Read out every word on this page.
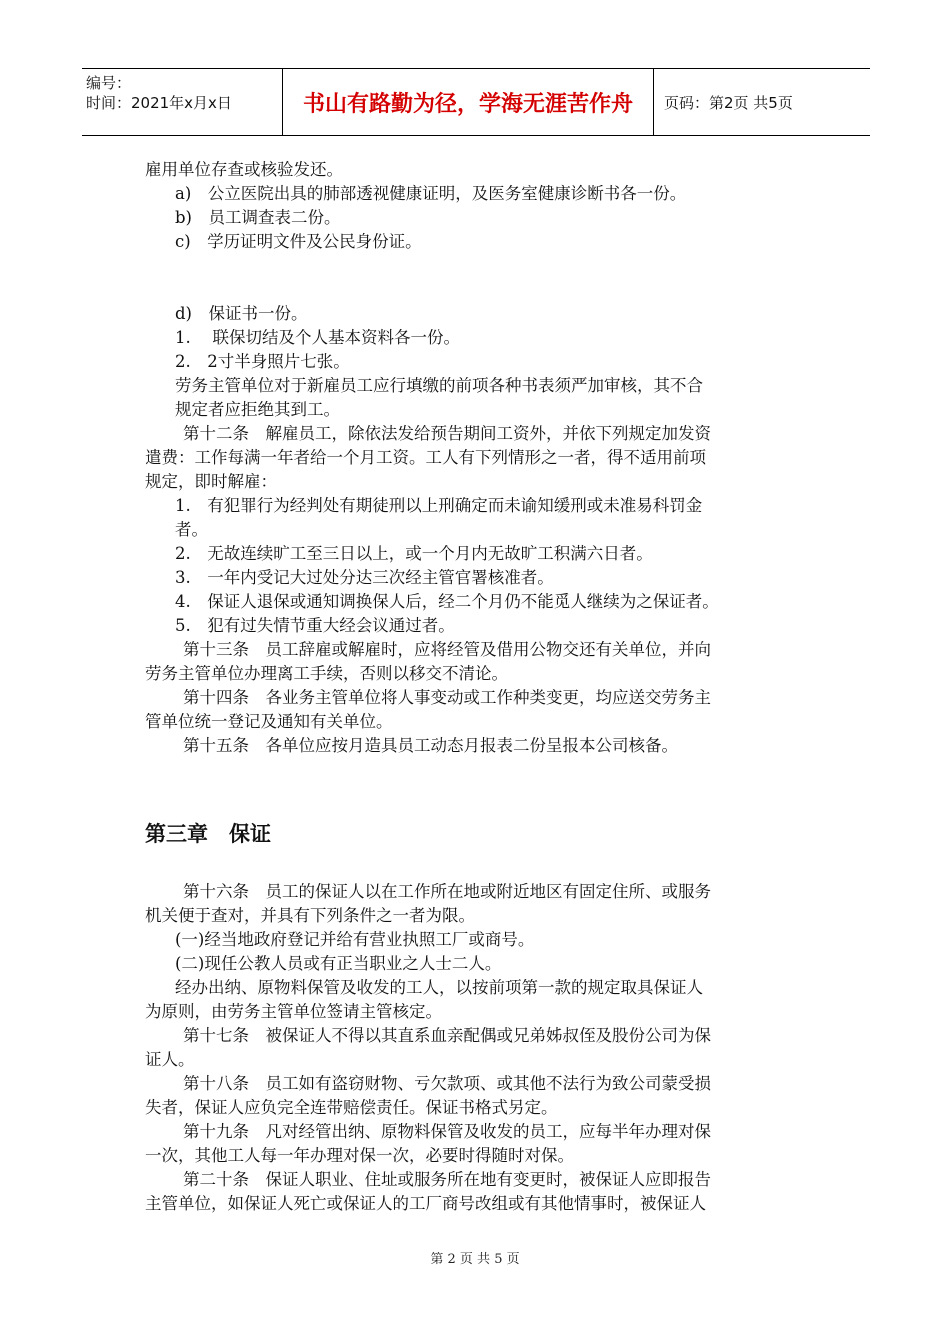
编号：
时间：2021年x月x日	书山有路勤为径，学海无涯苦作舟	页码：第2页 共5页
雇用单位存查或核验发还。
a)　公立医院出具的肺部透视健康证明，及医务室健康诊断书各一份。
b)　员工调查表二份。
c)　学历证明文件及公民身份证。
d)　保证书一份。
1.　 联保切结及个人基本资料各一份。
2.　2寸半身照片七张。
劳务主管单位对于新雇员工应行填缴的前项各种书表须严加审核，其不合
规定者应拒绝其到工。
第十二条　解雇员工，除依法发给预告期间工资外，并依下列规定加发资
遣费：工作每满一年者给一个月工资。工人有下列情形之一者，得不适用前项
规定，即时解雇：
1.　有犯罪行为经判处有期徒刑以上刑确定而未谕知缓刑或未准易科罚金
者。
2.　无故连续旷工至三日以上，或一个月内无故旷工积满六日者。
3.　一年内受记大过处分达三次经主管官署核准者。
4.　保证人退保或通知调换保人后，经二个月仍不能觅人继续为之保证者。
5.　犯有过失情节重大经会议通过者。
第十三条　员工辞雇或解雇时，应将经管及借用公物交还有关单位，并向
劳务主管单位办理离工手续，否则以移交不清论。
第十四条　各业务主管单位将人事变动或工作种类变更，均应送交劳务主
管单位统一登记及通知有关单位。
第十五条　各单位应按月造具员工动态月报表二份呈报本公司核备。
第三章　保证
第十六条　员工的保证人以在工作所在地或附近地区有固定住所、或服务
机关便于查对，并具有下列条件之一者为限。
(一)经当地政府登记并给有营业执照工厂或商号。
(二)现任公教人员或有正当职业之人士二人。
经办出纳、原物料保管及收发的工人，以按前项第一款的规定取具保证人
为原则，由劳务主管单位签请主管核定。
第十七条　被保证人不得以其直系血亲配偶或兄弟姊叔侄及股份公司为保
证人。
第十八条　员工如有盗窃财物、亏欠款项、或其他不法行为致公司蒙受损
失者，保证人应负完全连带赔偿责任。保证书格式另定。
第十九条　凡对经管出纳、原物料保管及收发的员工，应每半年办理对保
一次，其他工人每一年办理对保一次，必要时得随时对保。
第二十条　保证人职业、住址或服务所在地有变更时，被保证人应即报告
主管单位，如保证人死亡或保证人的工厂商号改组或有其他情事时，被保证人
第 2 页 共 5 页
